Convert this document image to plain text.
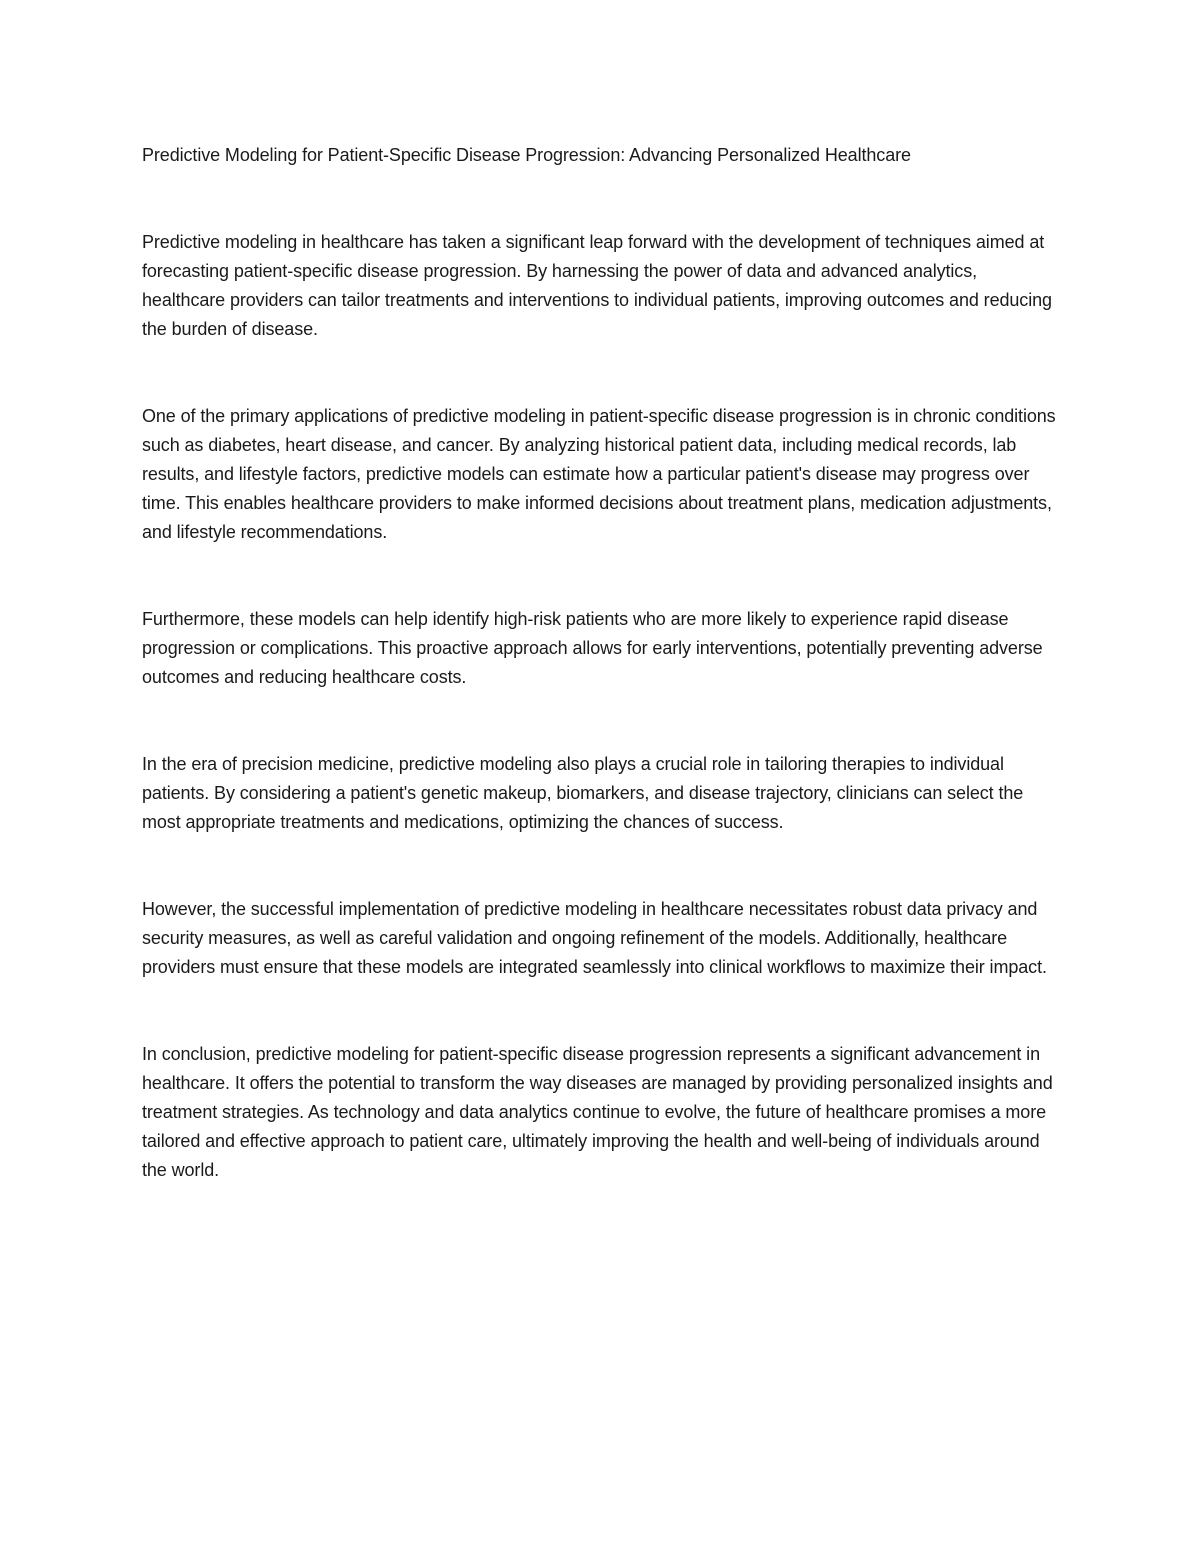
Predictive Modeling for Patient-Specific Disease Progression: Advancing Personalized Healthcare

Predictive modeling in healthcare has taken a significant leap forward with the development of techniques aimed at forecasting patient-specific disease progression. By harnessing the power of data and advanced analytics, healthcare providers can tailor treatments and interventions to individual patients, improving outcomes and reducing the burden of disease.

One of the primary applications of predictive modeling in patient-specific disease progression is in chronic conditions such as diabetes, heart disease, and cancer. By analyzing historical patient data, including medical records, lab results, and lifestyle factors, predictive models can estimate how a particular patient's disease may progress over time. This enables healthcare providers to make informed decisions about treatment plans, medication adjustments, and lifestyle recommendations.

Furthermore, these models can help identify high-risk patients who are more likely to experience rapid disease progression or complications. This proactive approach allows for early interventions, potentially preventing adverse outcomes and reducing healthcare costs.

In the era of precision medicine, predictive modeling also plays a crucial role in tailoring therapies to individual patients. By considering a patient's genetic makeup, biomarkers, and disease trajectory, clinicians can select the most appropriate treatments and medications, optimizing the chances of success.

However, the successful implementation of predictive modeling in healthcare necessitates robust data privacy and security measures, as well as careful validation and ongoing refinement of the models. Additionally, healthcare providers must ensure that these models are integrated seamlessly into clinical workflows to maximize their impact.

In conclusion, predictive modeling for patient-specific disease progression represents a significant advancement in healthcare. It offers the potential to transform the way diseases are managed by providing personalized insights and treatment strategies. As technology and data analytics continue to evolve, the future of healthcare promises a more tailored and effective approach to patient care, ultimately improving the health and well-being of individuals around the world.
